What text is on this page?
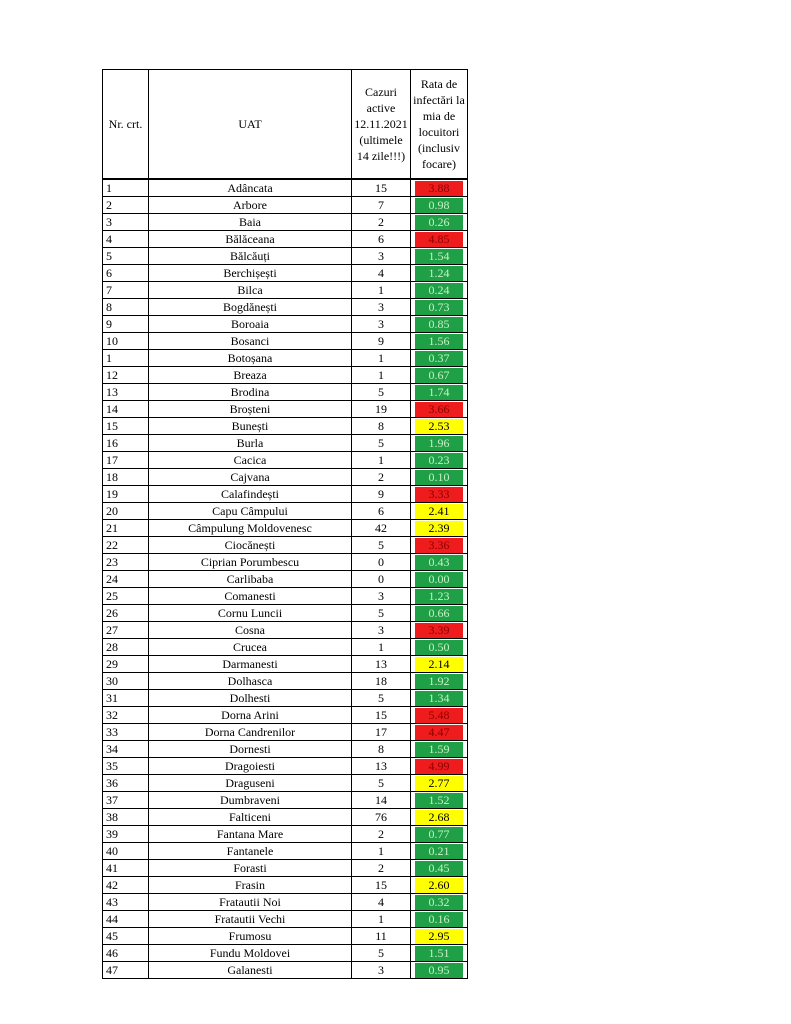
Nr. crt.	UAT	Cazuri active 12.11.2021 (ultimele 14 zile!!!)	Rata de infectări la mia de locuitori (inclusiv focare)
1	Adâncata	15	3.88

2	Arbore	7	0.98

3	Baia	2	0.26

4	Bălăceana	6	4.85

5	Bălcăuți	3	1.54

6	Berchișești	4	1.24

7	Bilca	1	0.24

8	Bogdănești	3	0.73

9	Boroaia	3	0.85

10	Bosanci	9	1.56

1	Botoșana	1	0.37

12	Breaza	1	0.67

13	Brodina	5	1.74

14	Broșteni	19	3.66

15	Bunești	8	2.53

16	Burla	5	1.96

17	Cacica	1	0.23

18	Cajvana	2	0.10

19	Calafindești	9	3.33

20	Capu Câmpului	6	2.41

21	Câmpulung Moldovenesc	42	2.39

22	Ciocănești	5	3.36

23	Ciprian Porumbescu	0	0.43

24	Carlibaba	0	0.00

25	Comanesti	3	1.23

26	Cornu Luncii	5	0.66

27	Cosna	3	3.39

28	Crucea	1	0.50

29	Darmanesti	13	2.14

30	Dolhasca	18	1.92

31	Dolhesti	5	1.34

32	Dorna Arini	15	5.48

33	Dorna Candrenilor	17	4.47

34	Dornesti	8	1.59

35	Dragoiesti	13	4.99

36	Draguseni	5	2.77

37	Dumbraveni	14	1.52

38	Falticeni	76	2.68

39	Fantana Mare	2	0.77

40	Fantanele	1	0.21

41	Forasti	2	0.45

42	Frasin	15	2.60

43	Fratautii Noi	4	0.32

44	Fratautii Vechi	1	0.16

45	Frumosu	11	2.95

46	Fundu Moldovei	5	1.51

47	Galanesti	3	0.95
